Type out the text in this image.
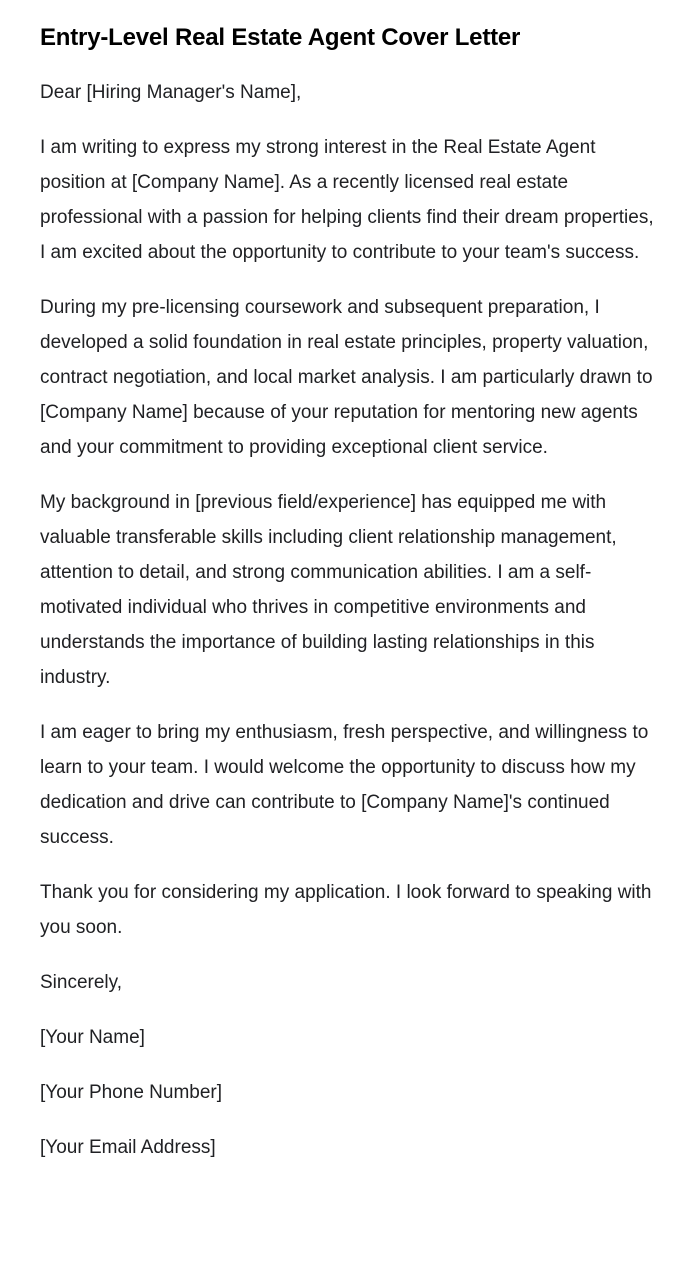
Entry-Level Real Estate Agent Cover Letter

Dear [Hiring Manager's Name],

I am writing to express my strong interest in the Real Estate Agent position at [Company Name]. As a recently licensed real estate professional with a passion for helping clients find their dream properties, I am excited about the opportunity to contribute to your team's success.

During my pre-licensing coursework and subsequent preparation, I developed a solid foundation in real estate principles, property valuation, contract negotiation, and local market analysis. I am particularly drawn to [Company Name] because of your reputation for mentoring new agents and your commitment to providing exceptional client service.

My background in [previous field/experience] has equipped me with valuable transferable skills including client relationship management, attention to detail, and strong communication abilities. I am a self-motivated individual who thrives in competitive environments and understands the importance of building lasting relationships in this industry.

I am eager to bring my enthusiasm, fresh perspective, and willingness to learn to your team. I would welcome the opportunity to discuss how my dedication and drive can contribute to [Company Name]'s continued success.

Thank you for considering my application. I look forward to speaking with you soon.

Sincerely,

[Your Name]

[Your Phone Number]

[Your Email Address]
